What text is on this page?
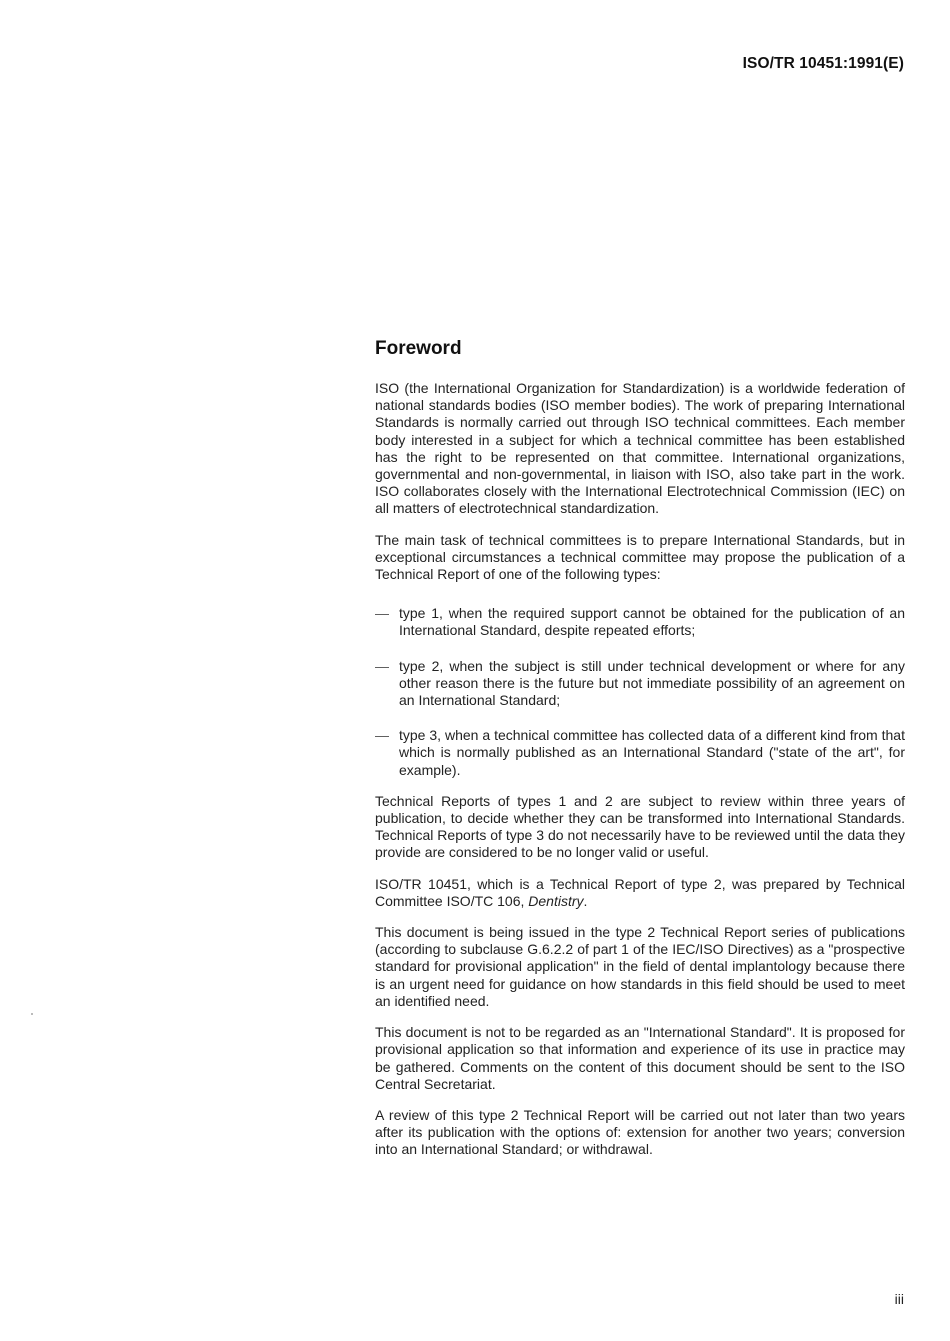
ISO/TR 10451:1991(E)
Foreword

ISO (the International Organization for Standardization) is a worldwide federation of national standards bodies (ISO member bodies). The work of preparing International Standards is normally carried out through ISO technical committees. Each member body interested in a subject for which a technical committee has been established has the right to be represented on that committee. International organizations, governmental and non-governmental, in liaison with ISO, also take part in the work. ISO collaborates closely with the International Electrotechnical Commission (IEC) on all matters of electrotechnical standardization.

The main task of technical committees is to prepare International Standards, but in exceptional circumstances a technical committee may propose the publication of a Technical Report of one of the following types:

— type 1, when the required support cannot be obtained for the publication of an International Standard, despite repeated efforts;
— type 2, when the subject is still under technical development or where for any other reason there is the future but not immediate possibility of an agreement on an International Standard;
— type 3, when a technical committee has collected data of a different kind from that which is normally published as an International Standard ("state of the art", for example).

Technical Reports of types 1 and 2 are subject to review within three years of publication, to decide whether they can be transformed into International Standards. Technical Reports of type 3 do not necessarily have to be reviewed until the data they provide are considered to be no longer valid or useful.

ISO/TR 10451, which is a Technical Report of type 2, was prepared by Technical Committee ISO/TC 106, Dentistry.

This document is being issued in the type 2 Technical Report series of publications (according to subclause G.6.2.2 of part 1 of the IEC/ISO Directives) as a "prospective standard for provisional application" in the field of dental implantology because there is an urgent need for guidance on how standards in this field should be used to meet an identified need.

This document is not to be regarded as an "International Standard". It is proposed for provisional application so that information and experience of its use in practice may be gathered. Comments on the content of this document should be sent to the ISO Central Secretariat.

A review of this type 2 Technical Report will be carried out not later than two years after its publication with the options of: extension for another two years; conversion into an International Standard; or withdrawal.

iii
